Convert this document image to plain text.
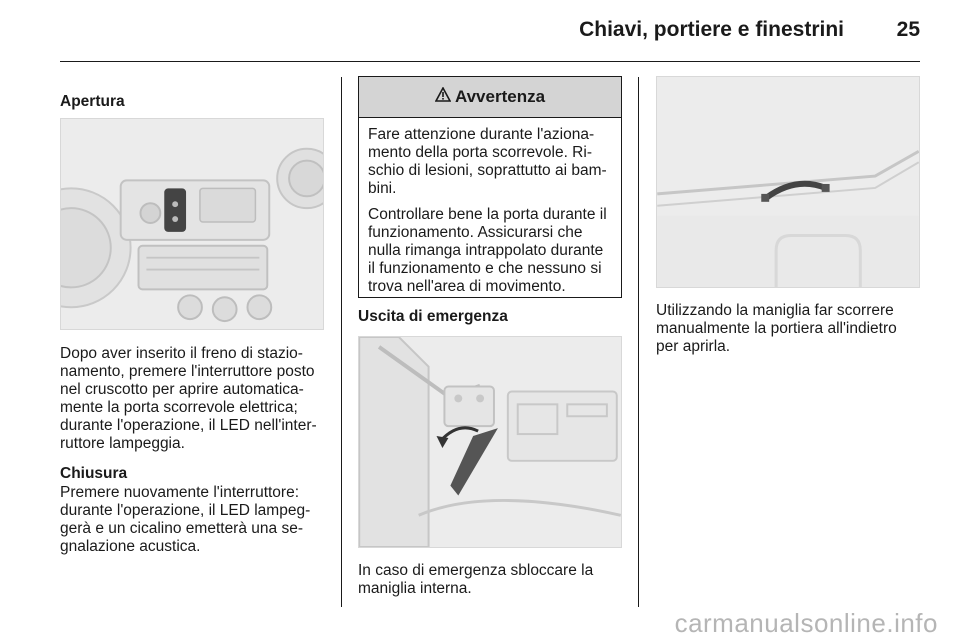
Chiavi, portiere e finestrini	25
Apertura

Dopo aver inserito il freno di stazio-namento, premere l'interruttore posto nel cruscotto per aprire automatica-mente la porta scorrevole elettrica; durante l'operazione, il LED nell'inter-ruttore lampeggia.

Chiusura

Premere nuovamente l'interruttore: durante l'operazione, il LED lampeg-gerà e un cicalino emetterà una se-gnalazione acustica.

Avvertenza

Fare attenzione durante l'aziona-mento della porta scorrevole. Ri-schio di lesioni, soprattutto ai bam-bini.

Controllare bene la porta durante il funzionamento. Assicurarsi che nulla rimanga intrappolato durante il funzionamento e che nessuno si trova nell'area di movimento.

Uscita di emergenza

In caso di emergenza sbloccare la maniglia interna.

Utilizzando la maniglia far scorrere manualmente la portiera all'indietro per aprirla.

carmanualsonline.info
